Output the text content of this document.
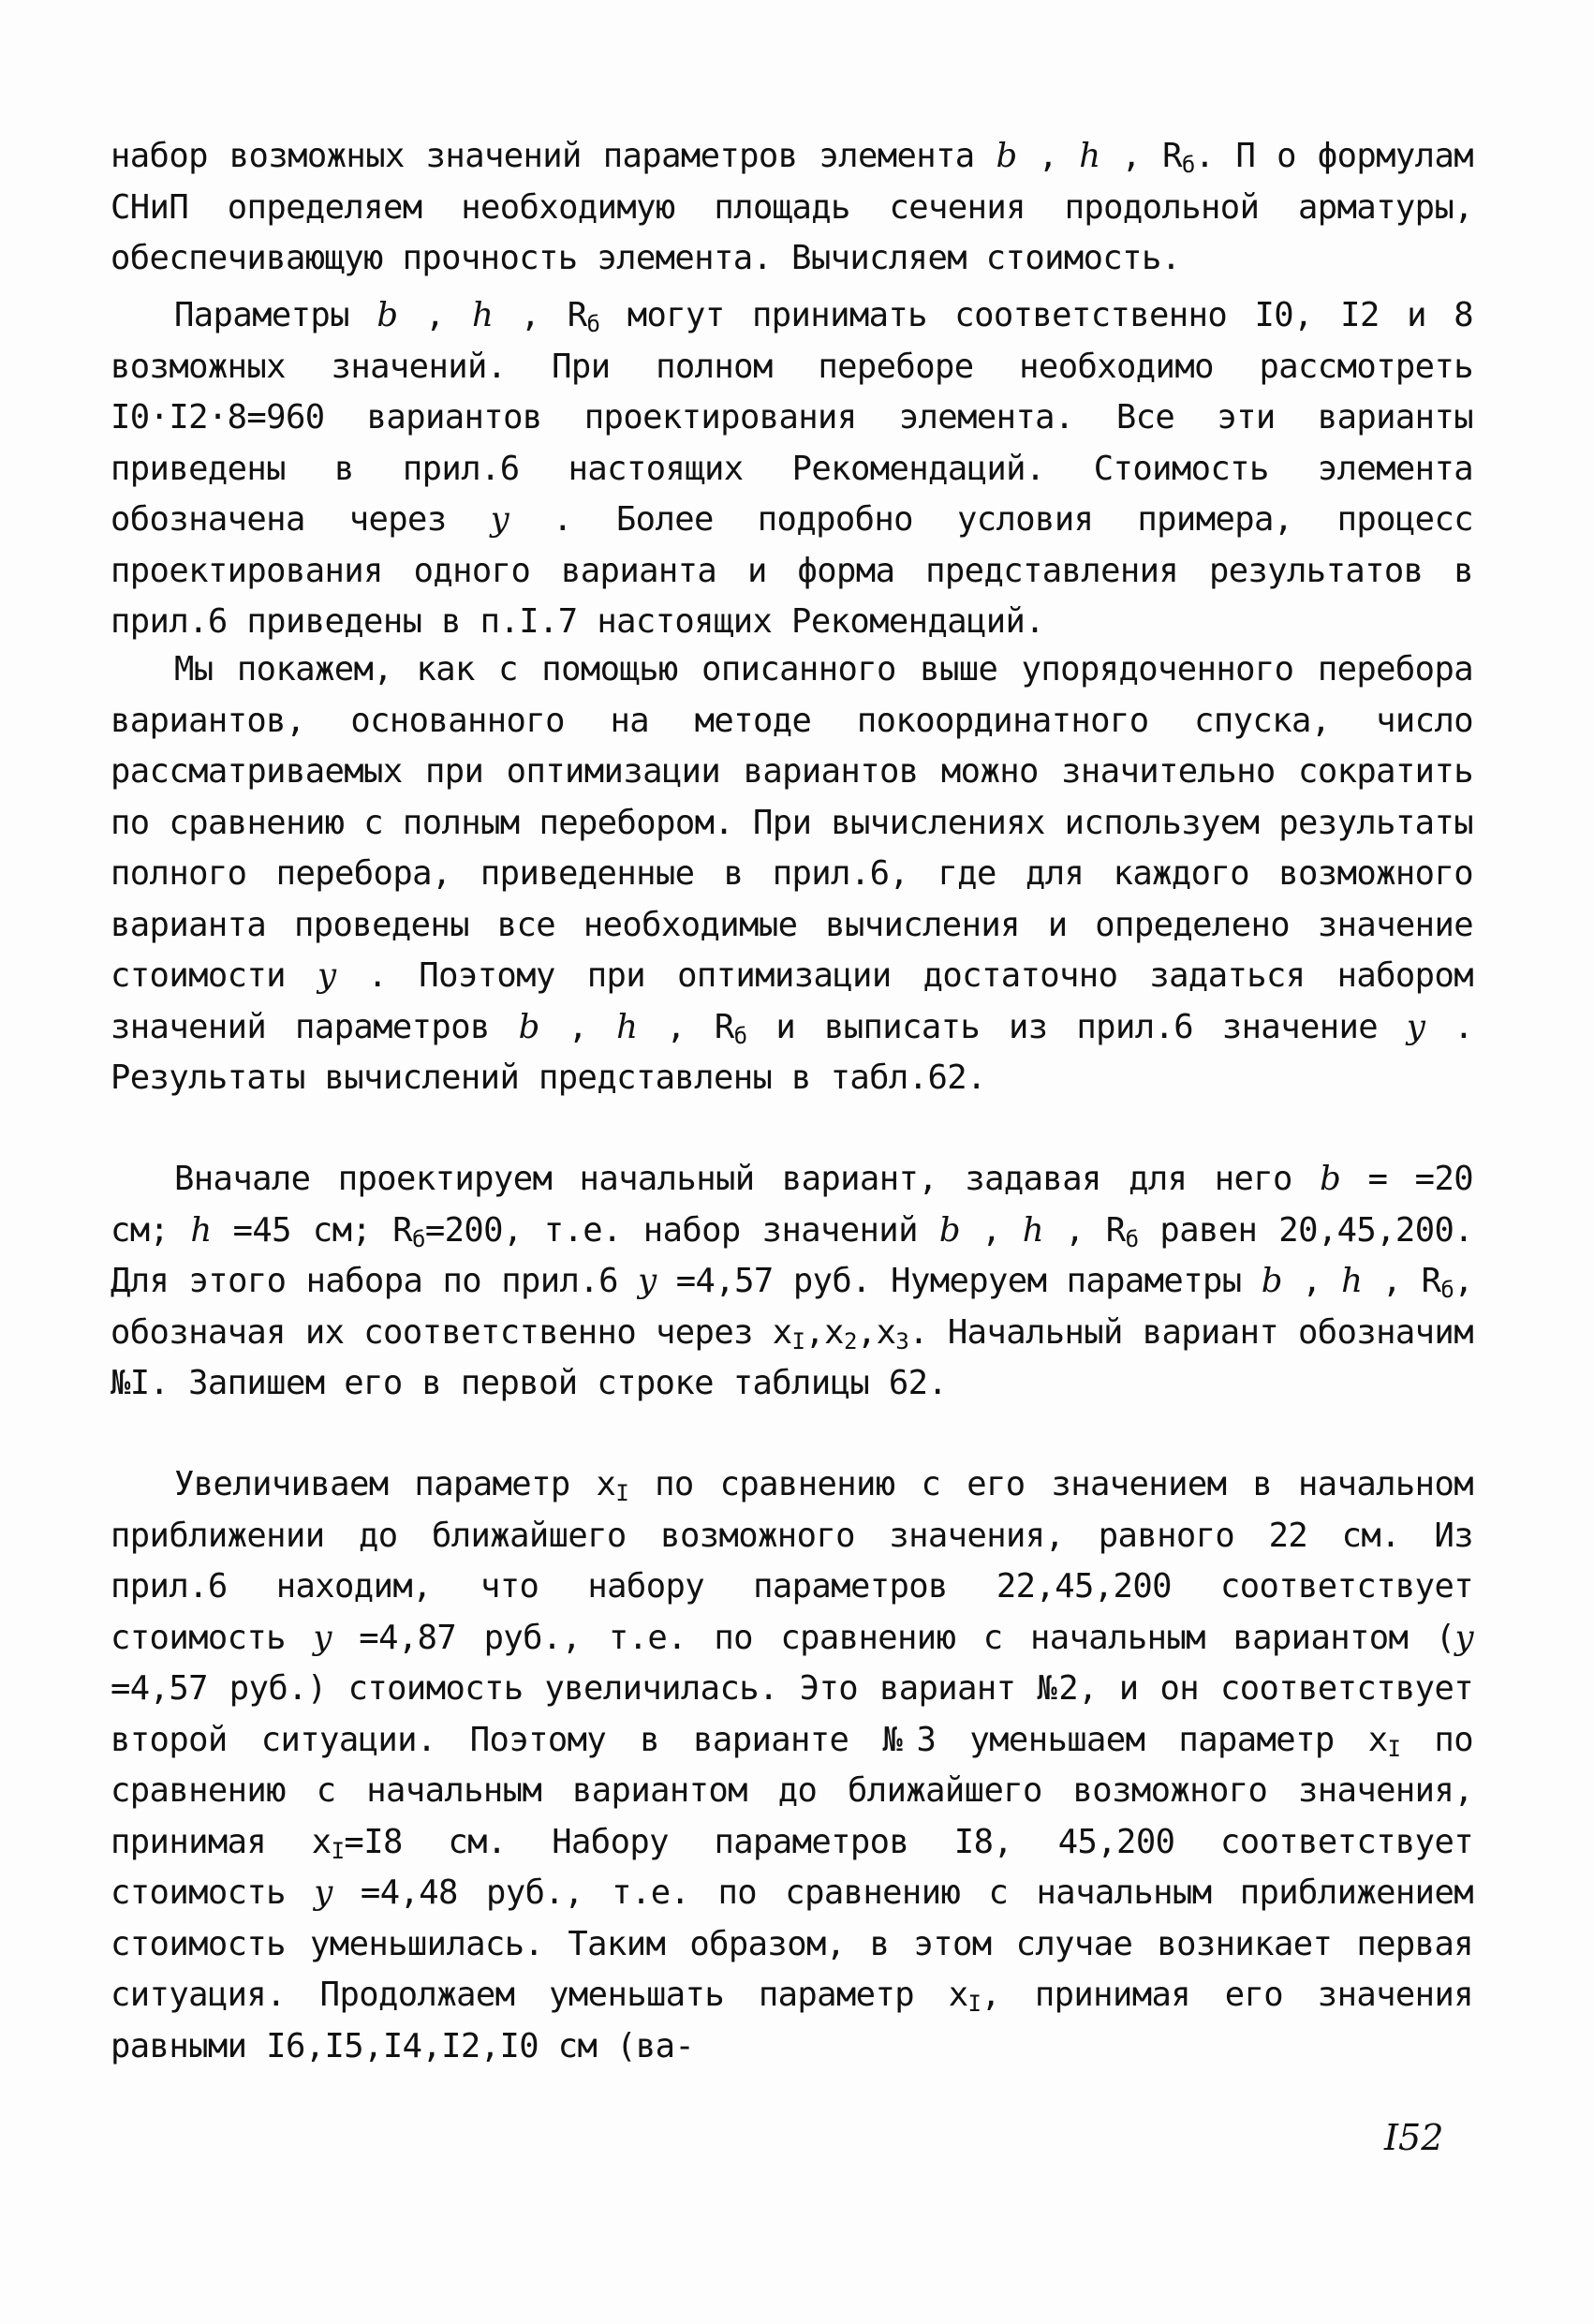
набор возможных значений параметров элемента b , h , $R_б$. П о формулам СНиП определяем необходимую площадь сечения продольной арматуры, обеспечивающую прочность элемента. Вычисляем стоимость.
Параметры b , h , $R_б$ могут принимать соответственно I0, I2 и 8 возможных значений. При полном переборе необходимо рассмотреть I0·I2·8=960 вариантов проектирования элемента. Все эти варианты приведены в прил.6 настоящих Рекомендаций. Стоимость элемента обозначена через y . Более подробно условия примера, процесс проектирования одного варианта и форма представления результатов в прил.6 приведены в п.I.7 настоящих Рекомендаций.
Мы покажем, как с помощью описанного выше упорядоченного перебора вариантов, основанного на методе покоординатного спуска, число рассматриваемых при оптимизации вариантов можно значительно сократить по сравнению с полным перебором. При вычислениях используем результаты полного перебора, приведенные в прил.6, где для каждого возможного варианта проведены все необходимые вычисления и определено значение стоимости y . Поэтому при оптимизации достаточно задаться набором значений параметров b , h , $R_б$ и выписать из прил.6 значение y . Результаты вычислений представлены в табл.62.
Вначале проектируем начальный вариант, задавая для него b = =20 см; h =45 см; $R_б=200$, т.е. набор значений b , h , $R_б$ равен 20,45,200. Для этого набора по прил.6 y =4,57 руб. Нумеруем параметры b , h , $R_б$, обозначая их соответственно через $x_I,x_2,x_3$. Начальный вариант обозначим №I. Запишем его в первой строке таблицы 62.
Увеличиваем параметр $x_I$ по сравнению с его значением в начальном приближении до ближайшего возможного значения, равного 22 см. Из прил.6 находим, что набору параметров 22,45,200 соответствует стоимость y =4,87 руб., т.е. по сравнению с начальным вариантом (y =4,57 руб.) стоимость увеличилась. Это вариант №2, и он соответствует второй ситуации. Поэтому в варианте №3 уменьшаем параметр $x_I$ по сравнению с начальным вариантом до ближайшего возможного значения, принимая $x_I=I8$ см. Набору параметров I8, 45,200 соответствует стоимость y =4,48 руб., т.е. по сравнению с начальным приближением стоимость уменьшилась. Таким образом, в этом случае возникает первая ситуация. Продолжаем уменьшать параметр $x_I$, принимая его значения равными I6,I5,I4,I2,I0 см (ва-
I52
